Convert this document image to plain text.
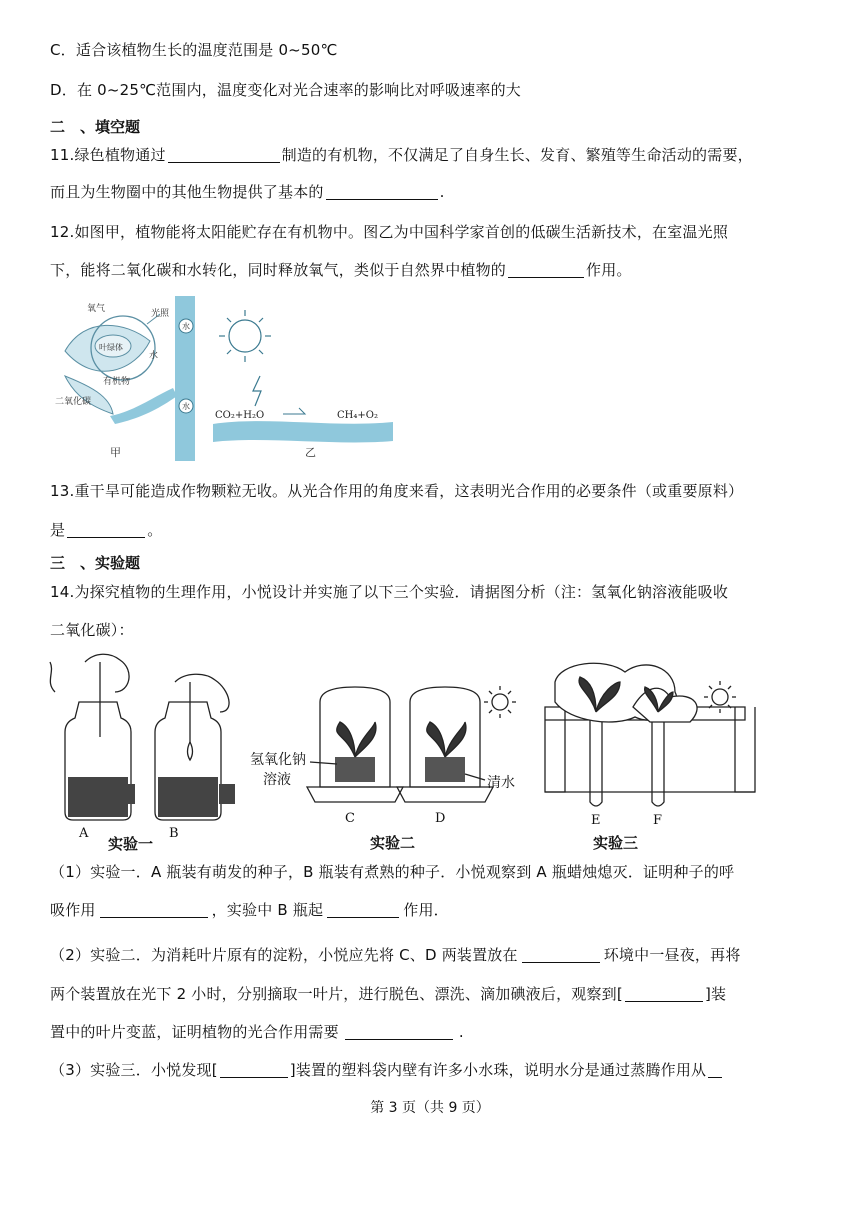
C．适合该植物生长的温度范围是 0~50℃
D．在 0~25℃范围内，温度变化对光合速率的影响比对呼吸速率的大
二　、填空题
11.绿色植物通过	制造的有机物，不仅满足了自身生长、发育、繁殖等生命活动的需要，
而且为生物圈中的其他生物提供了基本的	.
12.如图甲，植物能将太阳能贮存在有机物中。图乙为中国科学家首创的低碳生活新技术，在室温光照
下，能将二氧化碳和水转化，同时释放氧气，类似于自然界中植物的	作用。
氧气	光照
叶绿体
水
水
水
有机物
二氧化碳
甲
CO₂+H₂O	CH₄+O₂
乙
13.重干旱可能造成作物颗粒无收。从光合作用的角度来看，这表明光合作用的必要条件（或重要原料）
是	。
三　、实验题
14.为探究植物的生理作用，小悦设计并实施了以下三个实验．请据图分析（注：氢氧化钠溶液能吸收
二氧化碳）：
A	B
C	D	E	F
氢氧化钠
溶液	清水
实验一	实验二	实验三
（1）实验一．A 瓶装有萌发的种子，B 瓶装有煮熟的种子．小悦观察到 A 瓶蜡烛熄灭．证明种子的呼
吸作用	，实验中 B 瓶起	作用．
（2）实验二．为消耗叶片原有的淀粉，小悦应先将 C、D 两装置放在	环境中一昼夜，再将
两个装置放在光下 2 小时，分别摘取一叶片，进行脱色、漂洗、滴加碘液后，观察到[	]装
置中的叶片变蓝，证明植物的光合作用需要	.
（3）实验三．小悦发现[	]装置的塑料袋内壁有许多小水珠，说明水分是通过蒸腾作用从
第 3 页（共 9 页）
